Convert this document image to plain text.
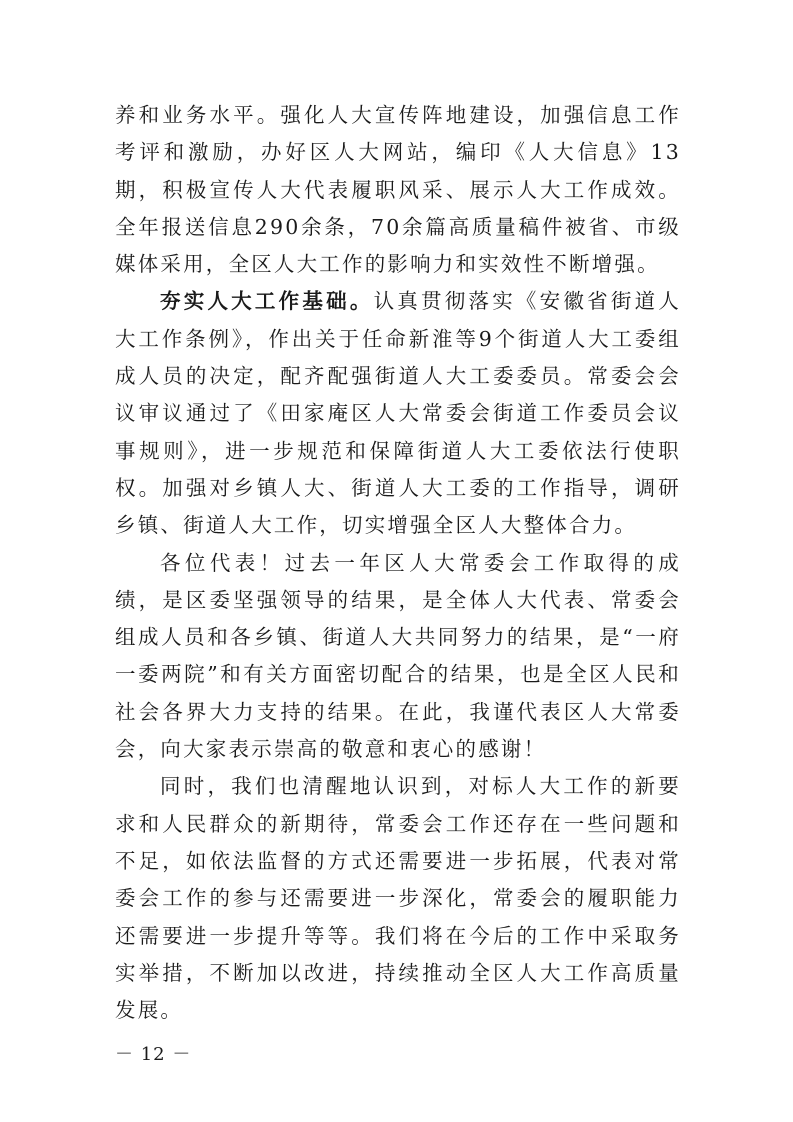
养和业务水平。强化人大宣传阵地建设，加强信息工作考评和激励，办好区人大网站，编印《人大信息》13期，积极宣传人大代表履职风采、展示人大工作成效。全年报送信息290余条，70余篇高质量稿件被省、市级媒体采用，全区人大工作的影响力和实效性不断增强。

夯实人大工作基础。认真贯彻落实《安徽省街道人大工作条例》，作出关于任命新淮等9个街道人大工委组成人员的决定，配齐配强街道人大工委委员。常委会会议审议通过了《田家庵区人大常委会街道工作委员会议事规则》，进一步规范和保障街道人大工委依法行使职权。加强对乡镇人大、街道人大工委的工作指导，调研乡镇、街道人大工作，切实增强全区人大整体合力。

各位代表！过去一年区人大常委会工作取得的成绩，是区委坚强领导的结果，是全体人大代表、常委会组成人员和各乡镇、街道人大共同努力的结果，是“一府一委两院”和有关方面密切配合的结果，也是全区人民和社会各界大力支持的结果。在此，我谨代表区人大常委会，向大家表示崇高的敬意和衷心的感谢！

同时，我们也清醒地认识到，对标人大工作的新要求和人民群众的新期待，常委会工作还存在一些问题和不足，如依法监督的方式还需要进一步拓展，代表对常委会工作的参与还需要进一步深化，常委会的履职能力还需要进一步提升等等。我们将在今后的工作中采取务实举措，不断加以改进，持续推动全区人大工作高质量发展。

－ 12 －
